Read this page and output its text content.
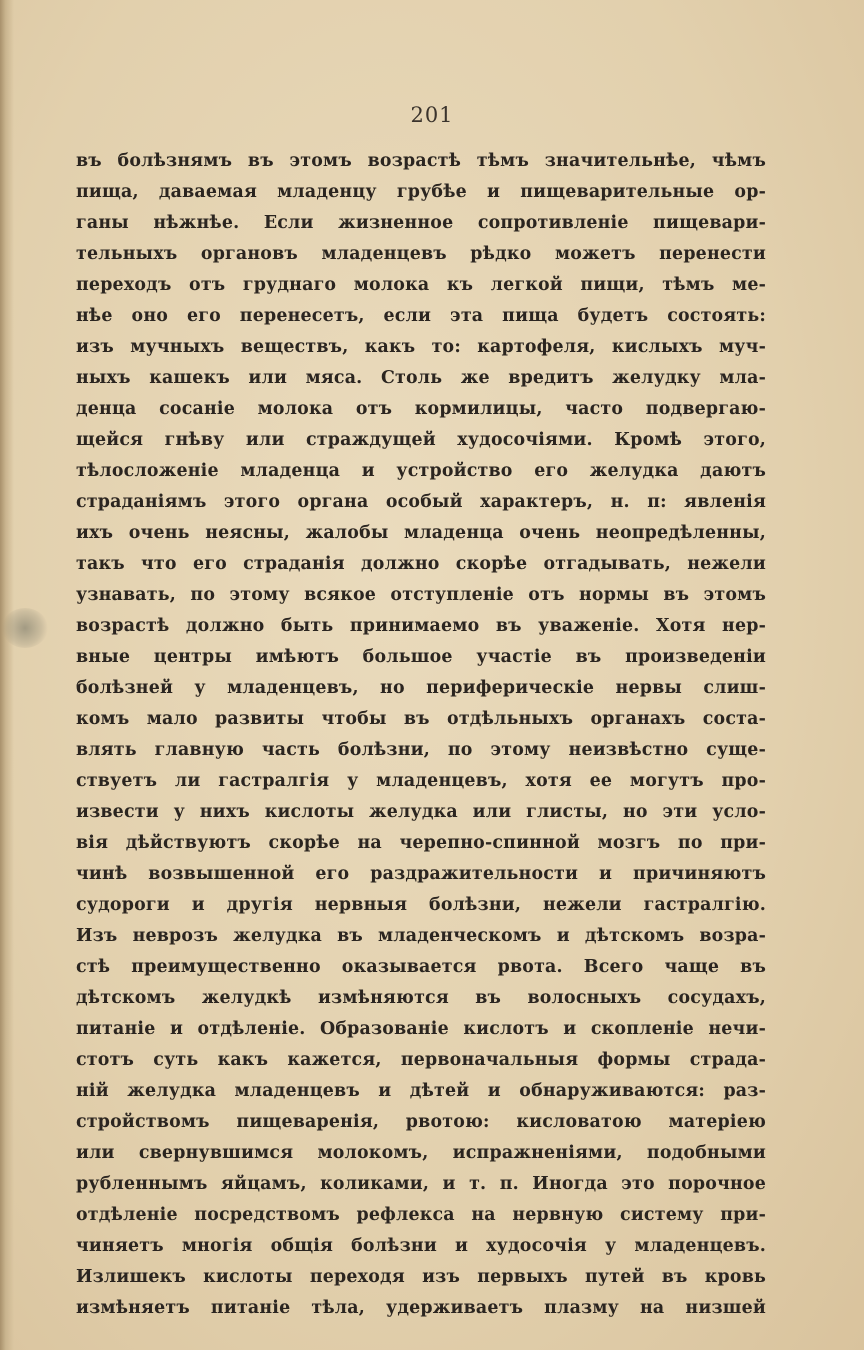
201
въ болѣзнямъ въ этомъ возрастѣ тѣмъ значительнѣе, чѣмъ
пища, даваемая младенцу грубѣе и пищеварительные ор-
ганы нѣжнѣе. Если жизненное сопротивленіе пищевари-
тельныхъ органовъ младенцевъ рѣдко можетъ перенести
переходъ отъ груднаго молока къ легкой пищи, тѣмъ ме-
нѣе оно его перенесетъ, если эта пища будетъ состоять:
изъ мучныхъ веществъ, какъ то: картофеля, кислыхъ муч-
ныхъ кашекъ или мяса. Столь же вредитъ желудку мла-
денца сосаніе молока отъ кормилицы, часто подвергаю-
щейся гнѣву или страждущей худосочіями. Кромѣ этого,
тѣлосложеніе младенца и устройство его желудка даютъ
страданіямъ этого органа особый характеръ, н. п: явленія
ихъ очень неясны, жалобы младенца очень неопредѣленны,
такъ что его страданія должно скорѣе отгадывать, нежели
узнавать, по этому всякое отступленіе отъ нормы въ этомъ
возрастѣ должно быть принимаемо въ уваженіе. Хотя нер-
вные центры имѣютъ большое участіе въ произведеніи
болѣзней у младенцевъ, но периферическіе нервы слиш-
комъ мало развиты чтобы въ отдѣльныхъ органахъ соста-
влять главную часть болѣзни, по этому неизвѣстно суще-
ствуетъ ли гастралгія у младенцевъ, хотя ее могутъ про-
извести у нихъ кислоты желудка или глисты, но эти усло-
вія дѣйствуютъ скорѣе на черепно-спинной мозгъ по при-
чинѣ возвышенной его раздражительности и причиняютъ
судороги и другія нервныя болѣзни, нежели гастралгію.
Изъ неврозъ желудка въ младенческомъ и дѣтскомъ возра-
стѣ преимущественно оказывается рвота. Всего чаще въ
дѣтскомъ желудкѣ измѣняются въ волосныхъ сосудахъ,
питаніе и отдѣленіе. Образованіе кислотъ и скопленіе нечи-
стотъ суть какъ кажется, первоначальныя формы страда-
ній желудка младенцевъ и дѣтей и обнаруживаются: раз-
стройствомъ пищеваренія, рвотою: кисловатою матеріею
или свернувшимся молокомъ, испражненіями, подобными
рубленнымъ яйцамъ, коликами, и т. п. Иногда это порочное
отдѣленіе посредствомъ рефлекса на нервную систему при-
чиняетъ многія общія болѣзни и худосочія у младенцевъ.
Излишекъ кислоты переходя изъ первыхъ путей въ кровь
измѣняетъ питаніе тѣла, удерживаетъ плазму на низшей
